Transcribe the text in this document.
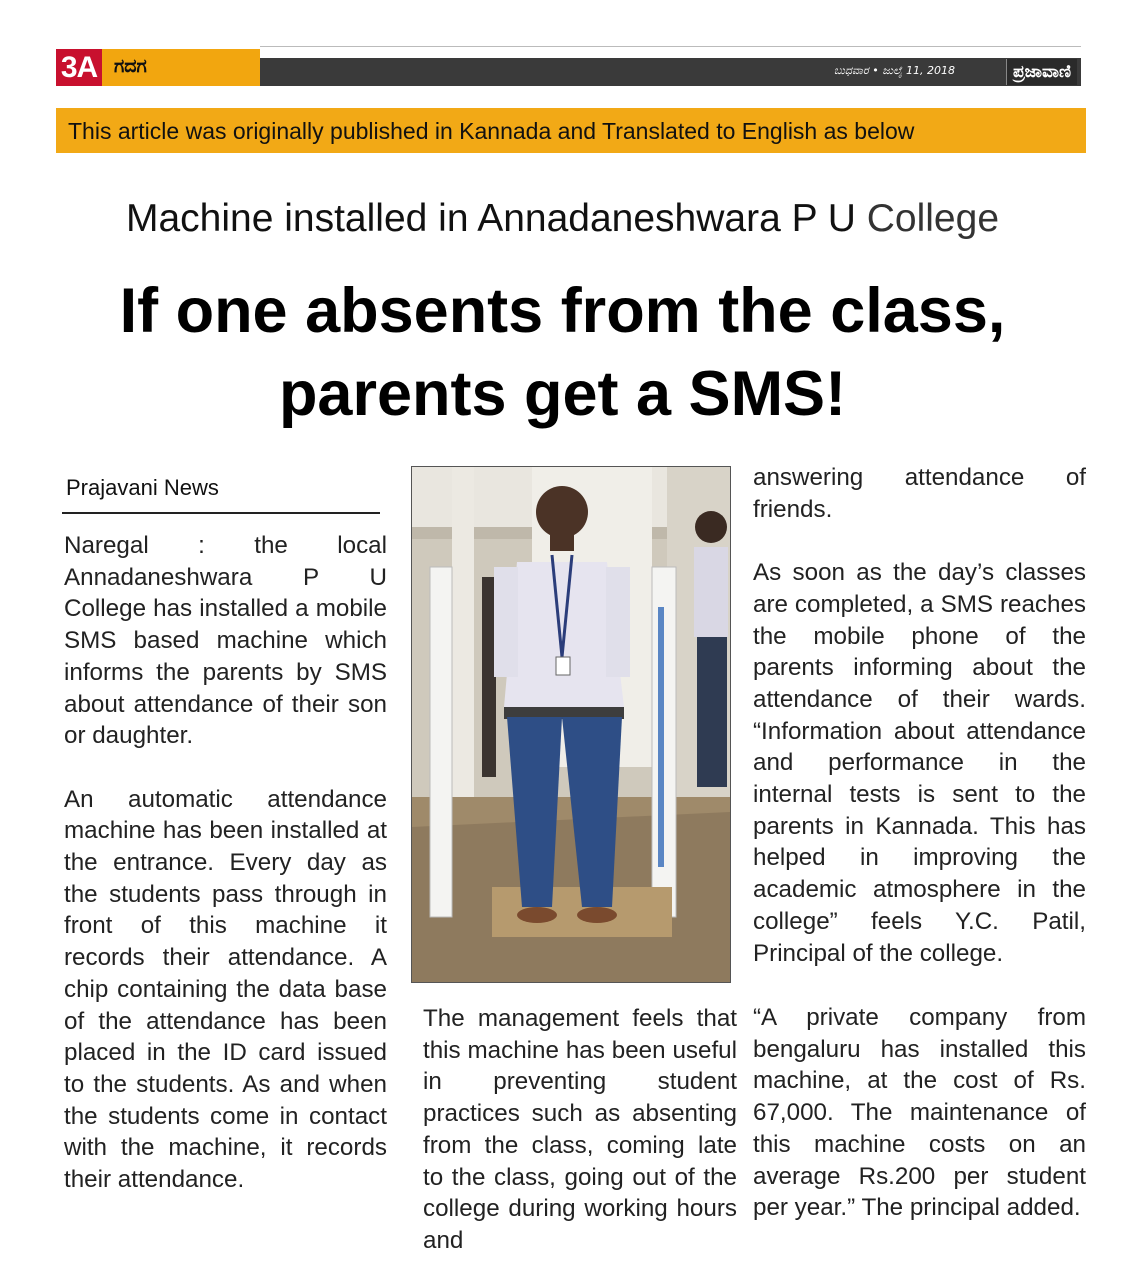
3A ಗದಗ	ಬುಧವಾರ • ಜುಲೈ 11, 2018	ಪ್ರಜಾವಾಣಿ
This article was originally published in Kannada and Translated to English as below
Machine installed in Annadaneshwara P U College
If one absents from the class,
parents get a SMS!
Prajavani News

Naregal : the local Annadaneshwara P U College has installed a mobile SMS based machine which informs the parents by SMS about attendance of their son or daughter.

An automatic attendance machine has been installed at the entrance. Every day as the students pass through in front of this machine it records their attendance. A chip containing the data base of the attendance has been placed in the ID card issued to the students. As and when the students come in contact with the machine, it records their attendance.

The management feels that this machine has been useful in preventing student practices such as absenting from the class, coming late to the class, going out of the college during working hours and

answering attendance of friends.

As soon as the day’s classes are completed, a SMS reaches the mobile phone of the parents informing about the attendance of their wards. “Information about attendance and performance in the internal tests is sent to the parents in Kannada. This has helped in improving the academic atmosphere in the college” feels Y.C. Patil, Principal of the college.

“A private company from bengaluru has installed this machine, at the cost of Rs. 67,000. The maintenance of this machine costs on an average Rs.200 per student per year.” The principal added.
